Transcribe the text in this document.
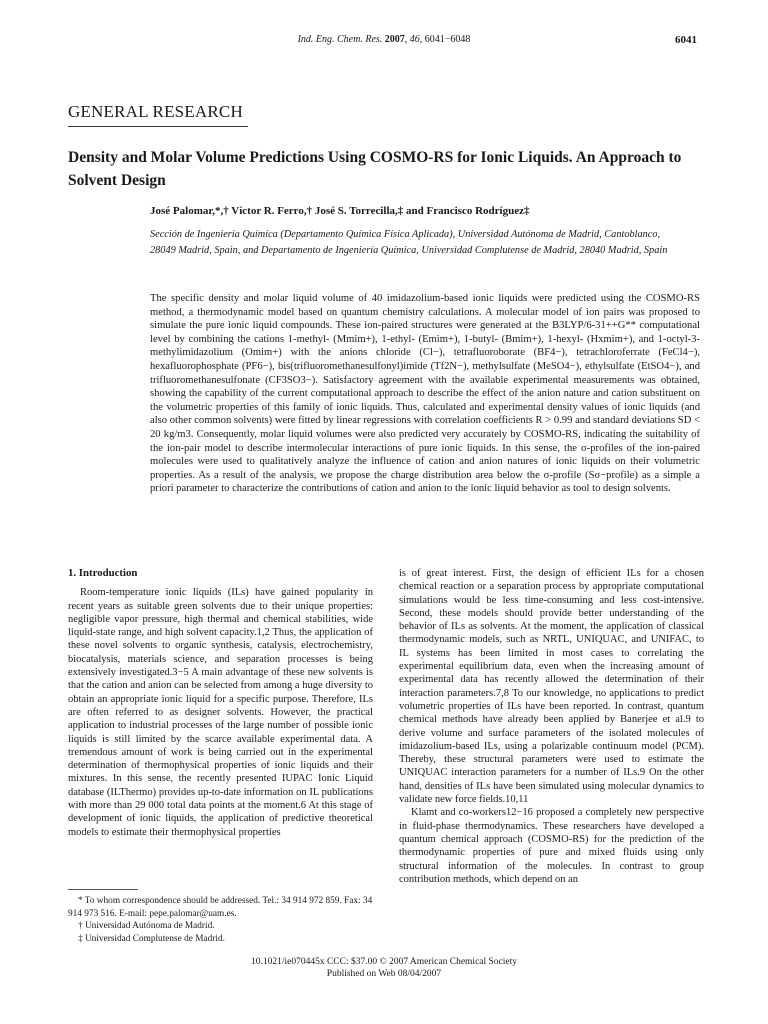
Ind. Eng. Chem. Res. 2007, 46, 6041−6048	6041
GENERAL RESEARCH
Density and Molar Volume Predictions Using COSMO-RS for Ionic Liquids. An Approach to Solvent Design
José Palomar,*,† Víctor R. Ferro,† José S. Torrecilla,‡ and Francisco Rodríguez‡
Sección de Ingeniería Química (Departamento Química Física Aplicada), Universidad Autónoma de Madrid, Cantoblanco, 28049 Madrid, Spain, and Departamento de Ingeniería Química, Universidad Complutense de Madrid, 28040 Madrid, Spain
The specific density and molar liquid volume of 40 imidazolium-based ionic liquids were predicted using the COSMO-RS method, a thermodynamic model based on quantum chemistry calculations. A molecular model of ion pairs was proposed to simulate the pure ionic liquid compounds. These ion-paired structures were generated at the B3LYP/6-31++G** computational level by combining the cations 1-methyl- (Mmim+), 1-ethyl- (Emim+), 1-butyl- (Bmim+), 1-hexyl- (Hxmim+), and 1-octyl-3-methylimidazolium (Omim+) with the anions chloride (Cl−), tetrafluoroborate (BF4−), tetrachloroferrate (FeCl4−), hexafluorophosphate (PF6−), bis(trifluoromethanesulfonyl)imide (Tf2N−), methylsulfate (MeSO4−), ethylsulfate (EtSO4−), and trifluoromethanesulfonate (CF3SO3−). Satisfactory agreement with the available experimental measurements was obtained, showing the capability of the current computational approach to describe the effect of the anion nature and cation substituent on the volumetric properties of this family of ionic liquids. Thus, calculated and experimental density values of ionic liquids (and also other common solvents) were fitted by linear regressions with correlation coefficients R > 0.99 and standard deviations SD < 20 kg/m3. Consequently, molar liquid volumes were also predicted very accurately by COSMO-RS, indicating the suitability of the ion-pair model to describe intermolecular interactions of pure ionic liquids. In this sense, the σ-profiles of the ion-paired molecules were used to qualitatively analyze the influence of cation and anion natures of ionic liquids on their volumetric properties. As a result of the analysis, we propose the charge distribution area below the σ-profile (Sσ−profile) as a simple a priori parameter to characterize the contributions of cation and anion to the ionic liquid behavior as tool to design solvents.
1. Introduction

Room-temperature ionic liquids (ILs) have gained popularity in recent years as suitable green solvents due to their unique properties: negligible vapor pressure, high thermal and chemical stabilities, wide liquid-state range, and high solvent capacity.1,2 Thus, the application of these novel solvents to organic synthesis, catalysis, electrochemistry, biocatalysis, materials science, and separation processes is being extensively investigated.3−5 A main advantage of these new solvents is that the cation and anion can be selected from among a huge diversity to obtain an appropriate ionic liquid for a specific purpose. Therefore, ILs are often referred to as designer solvents. However, the practical application to industrial processes of the large number of possible ionic liquids is still limited by the scarce available experimental data. A tremendous amount of work is being carried out in the experimental determination of thermophysical properties of ionic liquids and their mixtures. In this sense, the recently presented IUPAC Ionic Liquid database (ILThermo) provides up-to-date information on IL publications with more than 29 000 total data points at the moment.6 At this stage of development of ionic liquids, the application of predictive theoretical models to estimate their thermophysical properties

* To whom correspondence should be addressed. Tel.: 34 914 972 859. Fax: 34 914 973 516. E-mail: pepe.palomar@uam.es.
† Universidad Autónoma de Madrid.
‡ Universidad Complutense de Madrid.

is of great interest. First, the design of efficient ILs for a chosen chemical reaction or a separation process by appropriate computational simulations would be less time-consuming and less cost-intensive. Second, these models should provide better understanding of the behavior of ILs as solvents. At the moment, the application of classical thermodynamic models, such as NRTL, UNIQUAC, and UNIFAC, to IL systems has been limited in most cases to correlating the experimental equilibrium data, even when the increasing amount of experimental data has recently allowed the determination of their interaction parameters.7,8 To our knowledge, no applications to predict volumetric properties of ILs have been reported. In contrast, quantum chemical methods have already been applied by Banerjee et al.9 to derive volume and surface parameters of the isolated molecules of imidazolium-based ILs, using a polarizable continuum model (PCM). Thereby, these structural parameters were used to estimate the UNIQUAC interaction parameters for a number of ILs.9 On the other hand, densities of ILs have been simulated using molecular dynamics to validate new force fields.10,11

Klamt and co-workers12−16 proposed a completely new perspective in fluid-phase thermodynamics. These researchers have developed a quantum chemical approach (COSMO-RS) for the prediction of the thermodynamic properties of pure and mixed fluids using only structural information of the molecules. In contrast to group contribution methods, which depend on an

10.1021/ie070445x CCC: $37.00 © 2007 American Chemical Society
Published on Web 08/04/2007
